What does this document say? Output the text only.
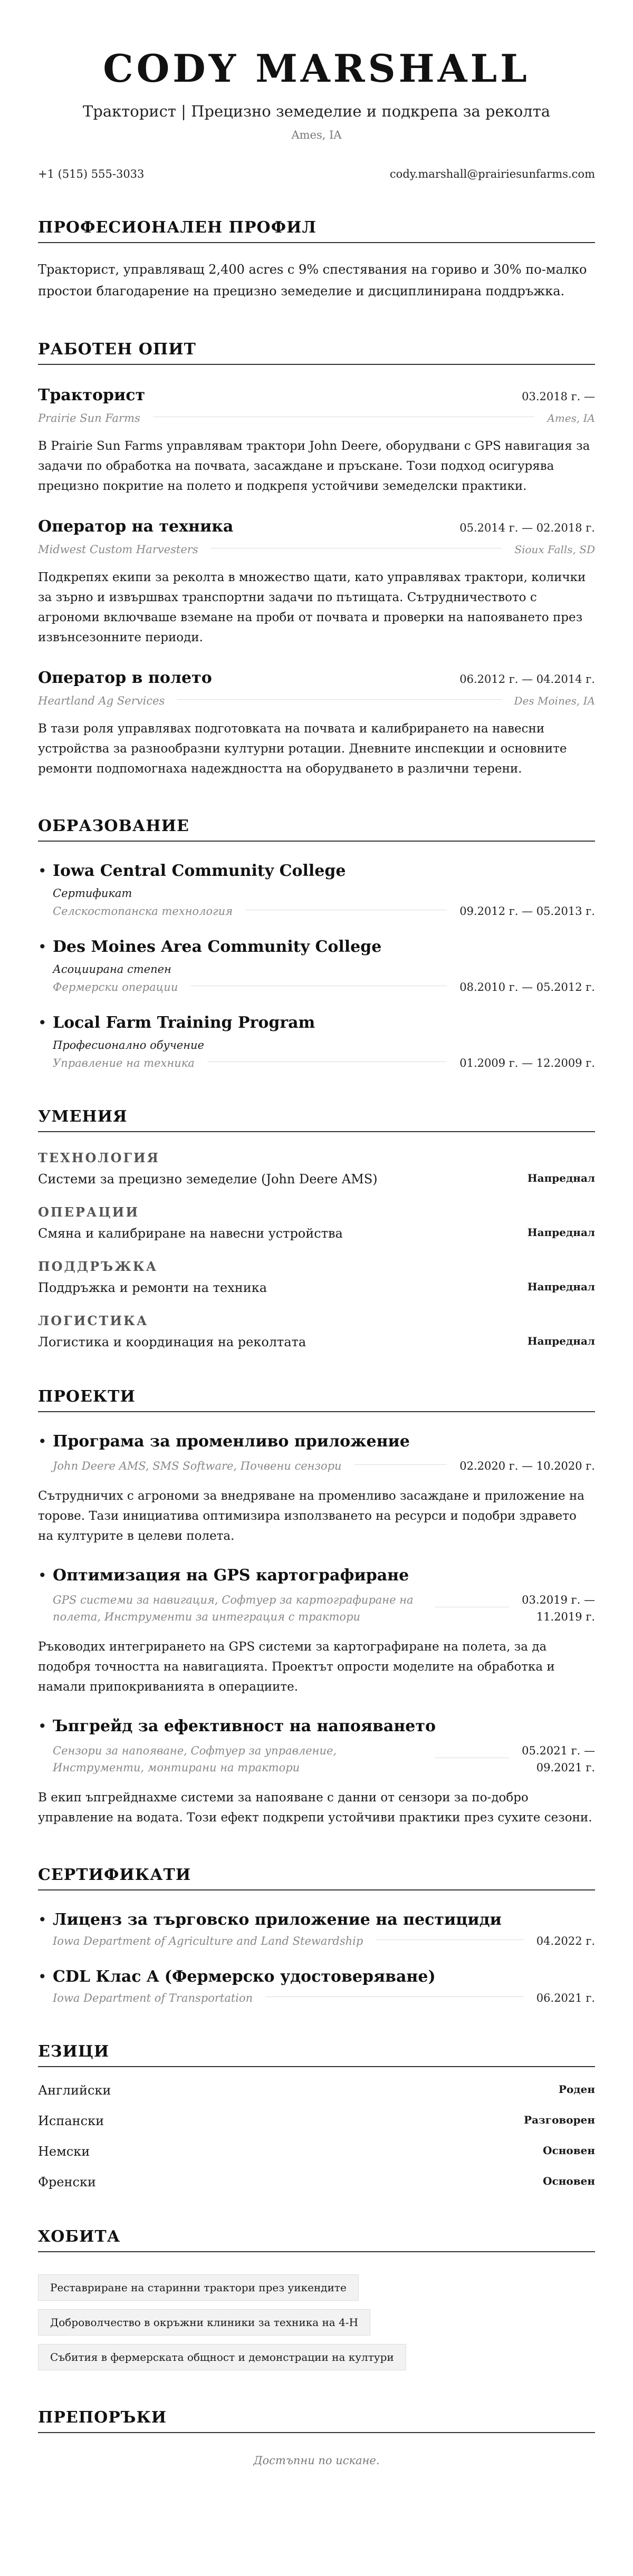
CODY MARSHALL
Тракторист | Прецизно земеделие и подкрепа за реколта
Ames, IA
+1 (515) 555-3033	cody.marshall@prairiesunfarms.com
ПРОФЕСИОНАЛЕН ПРОФИЛ
Тракторист, управляващ 2,400 acres с 9% спестявания на гориво и 30% по-малко простои благодарение на прецизно земеделие и дисциплинирана поддръжка.
РАБОТЕН ОПИТ
Тракторист	03.2018 г. —
Prairie Sun Farms	Ames, IA
В Prairie Sun Farms управлявам трактори John Deere, оборудвани с GPS навигация за задачи по обработка на почвата, засаждане и пръскане. Този подход осигурява прецизно покритие на полето и подкрепя устойчиви земеделски практики.
Оператор на техника	05.2014 г. — 02.2018 г.
Midwest Custom Harvesters	Sioux Falls, SD
Подкрепях екипи за реколта в множество щати, като управлявах трактори, колички за зърно и извършвах транспортни задачи по пътищата. Сътрудничеството с агрономи включваше вземане на проби от почвата и проверки на напояването през извънсезонните периоди.
Оператор в полето	06.2012 г. — 04.2014 г.
Heartland Ag Services	Des Moines, IA
В тази роля управлявах подготовката на почвата и калибрирането на навесни устройства за разнообразни културни ротации. Дневните инспекции и основните ремонти подпомогнаха надеждността на оборудването в различни терени.
ОБРАЗОВАНИЕ
• Iowa Central Community College
Сертификат
Селскостопанска технология	09.2012 г. — 05.2013 г.
• Des Moines Area Community College
Асоциирана степен
Фермерски операции	08.2010 г. — 05.2012 г.
• Local Farm Training Program
Професионално обучение
Управление на техника	01.2009 г. — 12.2009 г.
УМЕНИЯ
ТЕХНОЛОГИЯ
Системи за прецизно земеделие (John Deere AMS)	Напреднал
ОПЕРАЦИИ
Смяна и калибриране на навесни устройства	Напреднал
ПОДДРЪЖКА
Поддръжка и ремонти на техника	Напреднал
ЛОГИСТИКА
Логистика и координация на реколтата	Напреднал
ПРОЕКТИ
• Програма за променливо приложение
John Deere AMS, SMS Software, Почвени сензори	02.2020 г. — 10.2020 г.
Сътрудничих с агрономи за внедряване на променливо засаждане и приложение на торове. Тази инициатива оптимизира използването на ресурси и подобри здравето на културите в целеви полета.
• Оптимизация на GPS картографиране
GPS системи за навигация, Софтуер за картографиране на полета, Инструменти за интеграция с трактори
03.2019 г. —
11.2019 г.
Ръководих интегрирането на GPS системи за картографиране на полета, за да подобря точността на навигацията. Проектът опрости моделите на обработка и намали припокриванията в операциите.
• Ъпгрейд за ефективност на напояването
Сензори за напояване, Софтуер за управление, Инструменти, монтирани на трактори
05.2021 г. —
09.2021 г.
В екип ъпгрейднахме системи за напояване с данни от сензори за по-добро управление на водата. Този ефект подкрепи устойчиви практики през сухите сезони.
СЕРТИФИКАТИ
• Лиценз за търговско приложение на пестициди
Iowa Department of Agriculture and Land Stewardship	04.2022 г.
• CDL Клас A (Фермерско удостоверяване)
Iowa Department of Transportation	06.2021 г.
ЕЗИЦИ
Английски	Роден
Испански	Разговорен
Немски	Основен
Френски	Основен
ХОБИТА
Реставриране на старинни трактори през уикендите
Доброволчество в окръжни клиники за техника на 4-H
Събития в фермерската общност и демонстрации на култури
ПРЕПОРЪКИ
Достъпни по искане.
